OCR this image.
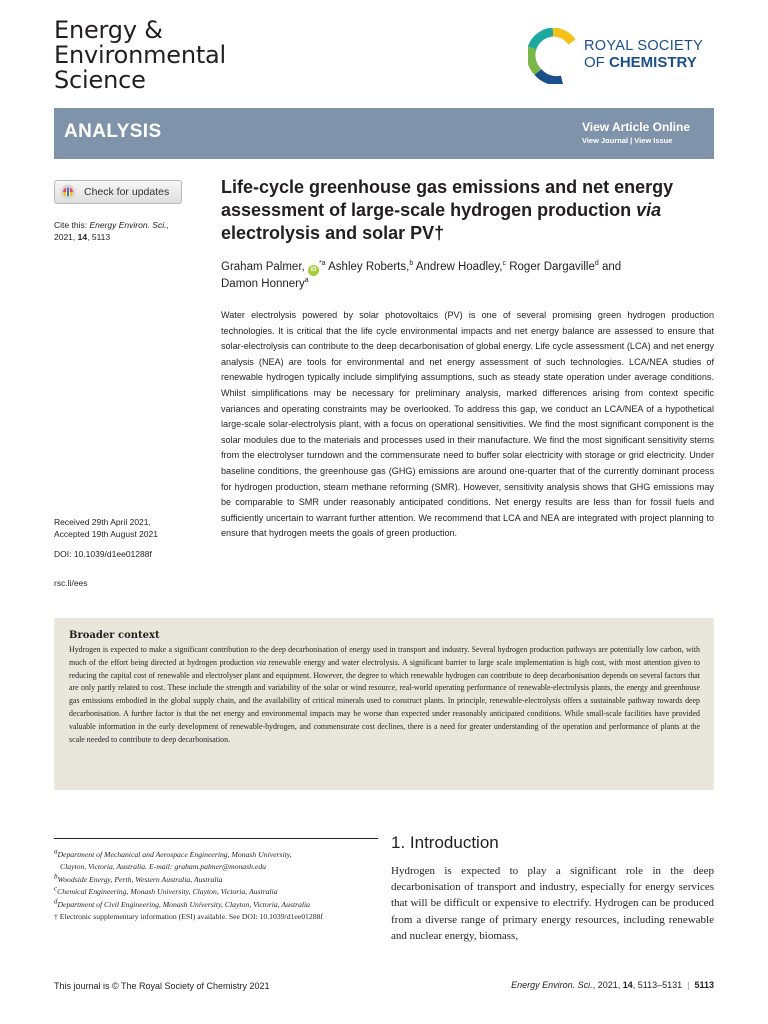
Energy &
Environmental
Science
ROYAL SOCIETY
OF CHEMISTRY
ANALYSIS	View Article Online
View Journal | View Issue
Check for updates
Cite this: Energy Environ. Sci.,
2021, 14, 5113
Received 29th April 2021,
Accepted 19th August 2021
DOI: 10.1039/d1ee01288f
rsc.li/ees
Life-cycle greenhouse gas emissions and net energy assessment of large-scale hydrogen production via electrolysis and solar PV†
Graham Palmer, $iD^{*a}$ Ashley Roberts,$^b$ Andrew Hoadley,$^c$ Roger Dargaville$^d$ and
Damon Honnery$^a$
Water electrolysis powered by solar photovoltaics (PV) is one of several promising green hydrogen production technologies. It is critical that the life cycle environmental impacts and net energy balance are assessed to ensure that solar-electrolysis can contribute to the deep decarbonisation of global energy. Life cycle assessment (LCA) and net energy analysis (NEA) are tools for environmental and net energy assessment of such technologies. LCA/NEA studies of renewable hydrogen typically include simplifying assumptions, such as steady state operation under average conditions. Whilst simplifications may be necessary for preliminary analysis, marked differences arising from context specific variances and operating constraints may be overlooked. To address this gap, we conduct an LCA/NEA of a hypothetical large-scale solar-electrolysis plant, with a focus on operational sensitivities. We find the most significant component is the solar modules due to the materials and processes used in their manufacture. We find the most significant sensitivity stems from the electrolyser turndown and the commensurate need to buffer solar electricity with storage or grid electricity. Under baseline conditions, the greenhouse gas (GHG) emissions are around one-quarter that of the currently dominant process for hydrogen production, steam methane reforming (SMR). However, sensitivity analysis shows that GHG emissions may be comparable to SMR under reasonably anticipated conditions. Net energy results are less than for fossil fuels and sufficiently uncertain to warrant further attention. We recommend that LCA and NEA are integrated with project planning to ensure that hydrogen meets the goals of green production.
Broader context
Hydrogen is expected to make a significant contribution to the deep decarbonisation of energy used in transport and industry. Several hydrogen production pathways are potentially low carbon, with much of the effort being directed at hydrogen production via renewable energy and water electrolysis. A significant barrier to large scale implementation is high cost, with most attention given to reducing the capital cost of renewable and electrolyser plant and equipment. However, the degree to which renewable hydrogen can contribute to deep decarbonisation depends on several factors that are only partly related to cost. These include the strength and variability of the solar or wind resource, real-world operating performance of renewable-electrolysis plants, the energy and greenhouse gas emissions embodied in the global supply chain, and the availability of critical minerals used to construct plants. In principle, renewable-electrolysis offers a sustainable pathway towards deep decarbonisation. A further factor is that the net energy and environmental impacts may be worse than expected under reasonably anticipated conditions. While small-scale facilities have provided valuable information in the early development of renewable-hydrogen, and commensurate cost declines, there is a need for greater understanding of the operation and performance of plants at the scale needed to contribute to deep decarbonisation.
$^a$Department of Mechanical and Aerospace Engineering, Monash University,
Clayton, Victoria, Australia. E-mail: graham.palmer@monash.edu
$^b$Woodside Energy, Perth, Western Australia, Australia
$^c$Chemical Engineering, Monash University, Clayton, Victoria, Australia
$^d$Department of Civil Engineering, Monash University, Clayton, Victoria, Australia
† Electronic supplementary information (ESI) available. See DOI: 10.1039/d1ee01288f
1. Introduction
Hydrogen is expected to play a significant role in the deep decarbonisation of transport and industry, especially for energy services that will be difficult or expensive to electrify. Hydrogen can be produced from a diverse range of primary energy resources, including renewable and nuclear energy, biomass,
This journal is © The Royal Society of Chemistry 2021	Energy Environ. Sci., 2021, 14, 5113–5131 | 5113
